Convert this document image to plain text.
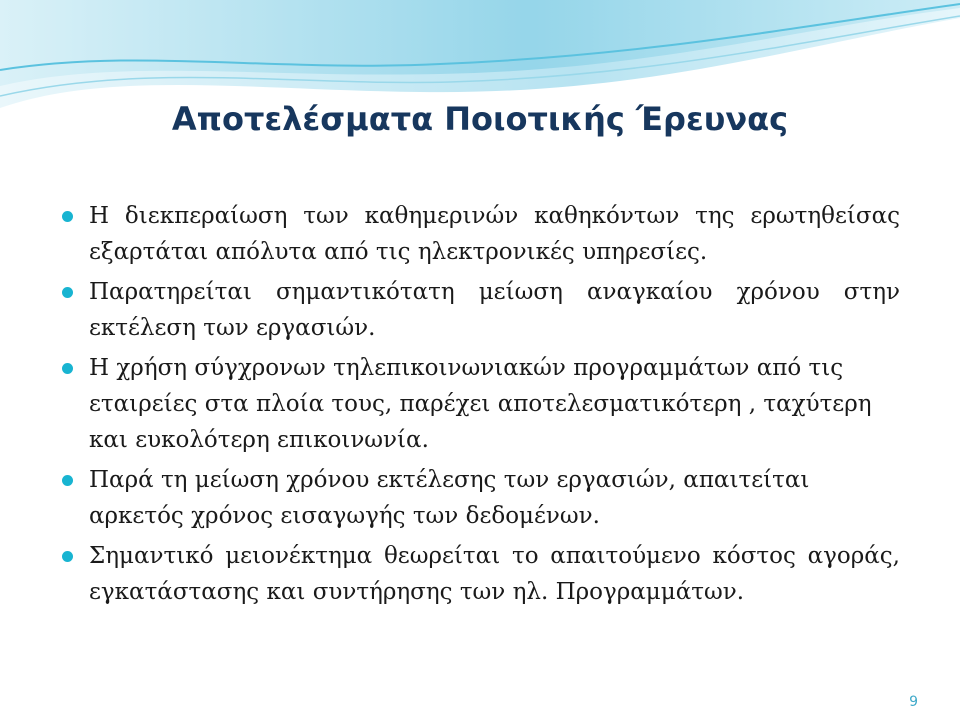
Αποτελέσματα Ποιοτικής Έρευνας
Η διεκπεραίωση των καθημερινών καθηκόντων της ερωτηθείσας εξαρτάται απόλυτα από τις ηλεκτρονικές υπηρεσίες.
Παρατηρείται σημαντικότατη μείωση αναγκαίου χρόνου στην εκτέλεση των εργασιών.
Η χρήση σύγχρονων τηλεπικοινωνιακών προγραμμάτων από τις εταιρείες στα πλοία τους, παρέχει αποτελεσματικότερη , ταχύτερη και ευκολότερη επικοινωνία.
Παρά τη μείωση χρόνου εκτέλεσης των εργασιών, απαιτείται αρκετός χρόνος εισαγωγής των δεδομένων.
Σημαντικό μειονέκτημα θεωρείται το απαιτούμενο κόστος αγοράς, εγκατάστασης και συντήρησης των ηλ. Προγραμμάτων.
9
